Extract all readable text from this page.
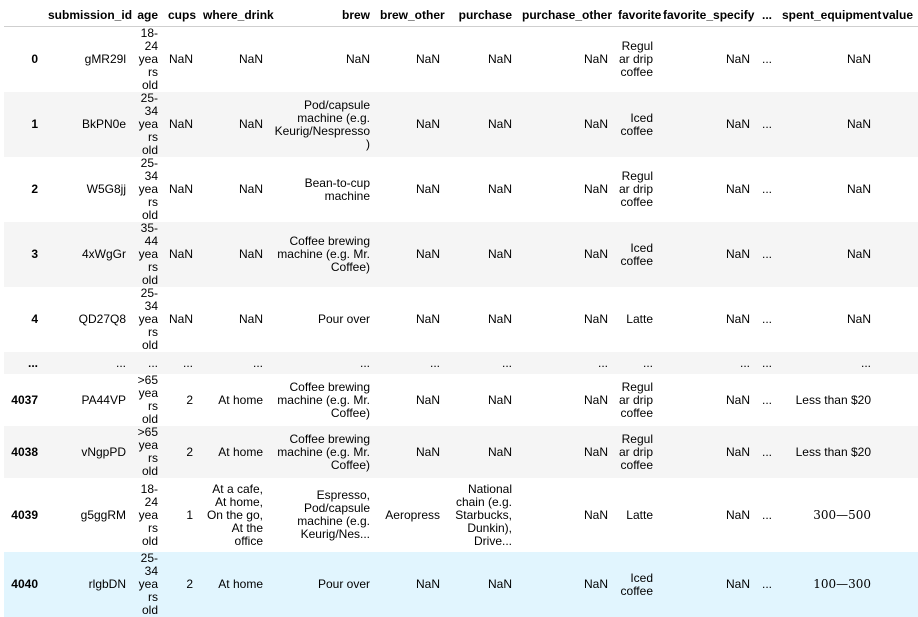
	submission_id	age	cups	where_drink	brew	brew_other	purchase	purchase_other	favorite	favorite_specify	...	spent_equipment	value
0	gMR29l	18-24 years old	NaN	NaN	NaN	NaN	NaN	NaN	Regular drip coffee	NaN	...	NaN	
1	BkPN0e	25-34 years old	NaN	NaN	Pod/capsule machine (e.g. Keurig/Nespresso)	NaN	NaN	NaN	Iced coffee	NaN	...	NaN	
2	W5G8jj	25-34 years old	NaN	NaN	Bean-to-cup machine	NaN	NaN	NaN	Regular drip coffee	NaN	...	NaN	
3	4xWgGr	35-44 years old	NaN	NaN	Coffee brewing machine (e.g. Mr. Coffee)	NaN	NaN	NaN	Iced coffee	NaN	...	NaN	
4	QD27Q8	25-34 years old	NaN	NaN	Pour over	NaN	NaN	NaN	Latte	NaN	...	NaN	
...	...	...	...	...	...	...	...	...	...	...	...	...	
4037	PA44VP	>65 years old	2	At home	Coffee brewing machine (e.g. Mr. Coffee)	NaN	NaN	NaN	Regular drip coffee	NaN	...	Less than $20	
4038	vNgpPD	>65 years old	2	At home	Coffee brewing machine (e.g. Mr. Coffee)	NaN	NaN	NaN	Regular drip coffee	NaN	...	Less than $20	
4039	g5ggRM	18-24 years old	1	At a cafe, At home, On the go, At the office	Espresso, Pod/capsule machine (e.g. Keurig/Nes...	Aeropress	National chain (e.g. Starbucks, Dunkin), Drive...	NaN	Latte	NaN	...	300—500	
4040	rlgbDN	25-34 years old	2	At home	Pour over	NaN	NaN	NaN	Iced coffee	NaN	...	100—300	
